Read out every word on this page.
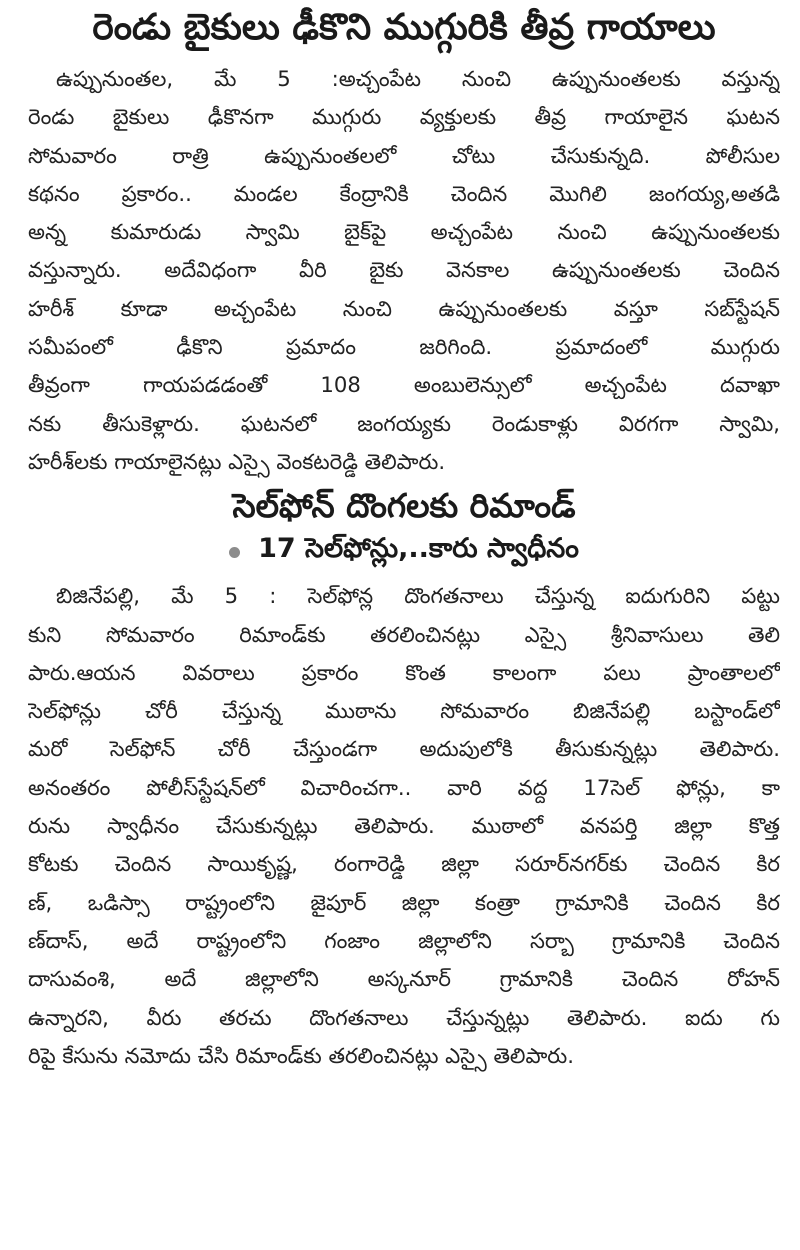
రెండు బైకులు ఢీకొని ముగ్గురికి తీవ్ర గాయాలు
ఉప్పునుంతల, మే 5 :అచ్చంపేట నుంచి ఉప్పునుంతలకు వస్తున్న
రెండు బైకులు ఢీకొనగా ముగ్గురు వ్యక్తులకు తీవ్ర గాయాలైన ఘటన
సోమవారం రాత్రి ఉప్పునుంతలలో చోటు చేసుకున్నది. పోలీసుల
కథనం ప్రకారం.. మండల కేంద్రానికి చెందిన మొగిలి జంగయ్య,అతడి
అన్న కుమారుడు స్వామి బైక్‌పై అచ్చంపేట నుంచి ఉప్పునుంతలకు
వస్తున్నారు. అదేవిధంగా వీరి బైకు వెనకాల ఉప్పునుంతలకు చెందిన
హరీశ్ కూడా అచ్చంపేట నుంచి ఉప్పునుంతలకు వస్తూ సబ్‌స్టేషన్
సమీపంలో ఢీకొని ప్రమాదం జరిగింది. ప్రమాదంలో ముగ్గురు
తీవ్రంగా గాయపడడంతో 108 అంబులెన్సులో అచ్చంపేట దవాఖా
నకు తీసుకెళ్లారు. ఘటనలో జంగయ్యకు రెండుకాళ్లు విరగగా స్వామి,
హరీశ్‌లకు గాయాలైనట్లు ఎస్సై వెంకటరెడ్డి తెలిపారు.
సెల్‌ఫోన్ దొంగలకు రిమాండ్
17 సెల్‌ఫోన్లు,..కారు స్వాధీనం
బిజినేపల్లి, మే 5 : సెల్‌ఫోన్ల దొంగతనాలు చేస్తున్న ఐదుగురిని పట్టు
కుని సోమవారం రిమాండ్‌కు తరలించినట్లు ఎస్సై శ్రీనివాసులు తెలి
పారు.ఆయన వివరాలు ప్రకారం కొంత కాలంగా పలు ప్రాంతాలలో
సెల్‌ఫోన్లు చోరీ చేస్తున్న ముఠాను సోమవారం బిజినేపల్లి బస్టాండ్‌లో
మరో సెల్‌ఫోన్ చోరీ చేస్తుండగా అదుపులోకి తీసుకున్నట్లు తెలిపారు.
అనంతరం పోలీస్‌స్టేషన్‌లో విచారించగా.. వారి వద్ద 17సెల్ ఫోన్లు, కా
రును స్వాధీనం చేసుకున్నట్లు తెలిపారు. ముఠాలో వనపర్తి జిల్లా కొత్త
కోటకు చెందిన సాయికృష్ణ, రంగారెడ్డి జిల్లా సరూర్‌నగర్‌కు చెందిన కిర
ణ్, ఒడిస్సా రాష్ట్రంలోని జైపూర్ జిల్లా కంత్రా గ్రామానికి చెందిన కిర
ణ్‌దాస్, అదే రాష్ట్రంలోని గంజాం జిల్లాలోని సర్బా గ్రామానికి చెందిన
దాసువంశి, అదే జిల్లాలోని అస్కనూర్ గ్రామానికి చెందిన రోహన్
ఉన్నారని, వీరు తరచు దొంగతనాలు చేస్తున్నట్లు తెలిపారు. ఐదు గు
రిపై కేసును నమోదు చేసి రిమాండ్‌కు తరలించినట్లు ఎస్సై తెలిపారు.
